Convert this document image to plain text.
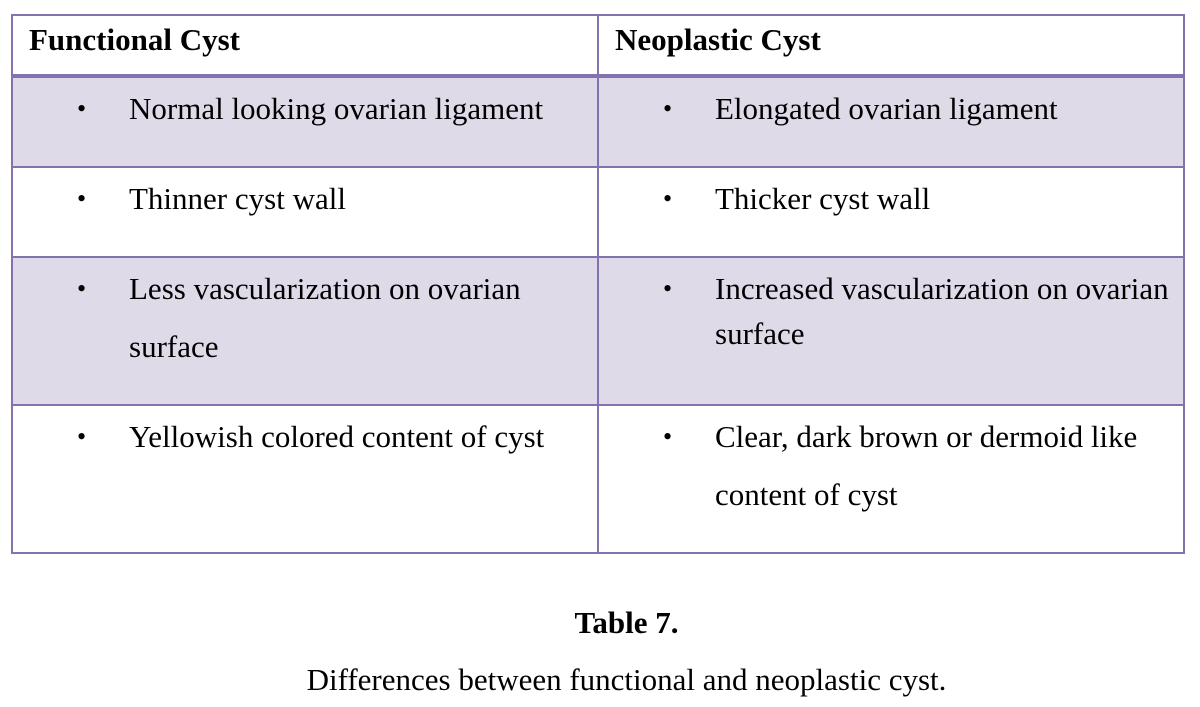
Functional Cyst	Neoplastic Cyst

• Normal looking ovarian ligament	• Elongated ovarian ligament

• Thinner cyst wall	• Thicker cyst wall

• Less vascularization on ovarian surface	• Increased vascularization on ovarian surface

• Yellowish colored content of cyst	• Clear, dark brown or dermoid like content of cyst
Table 7.
Differences between functional and neoplastic cyst.
